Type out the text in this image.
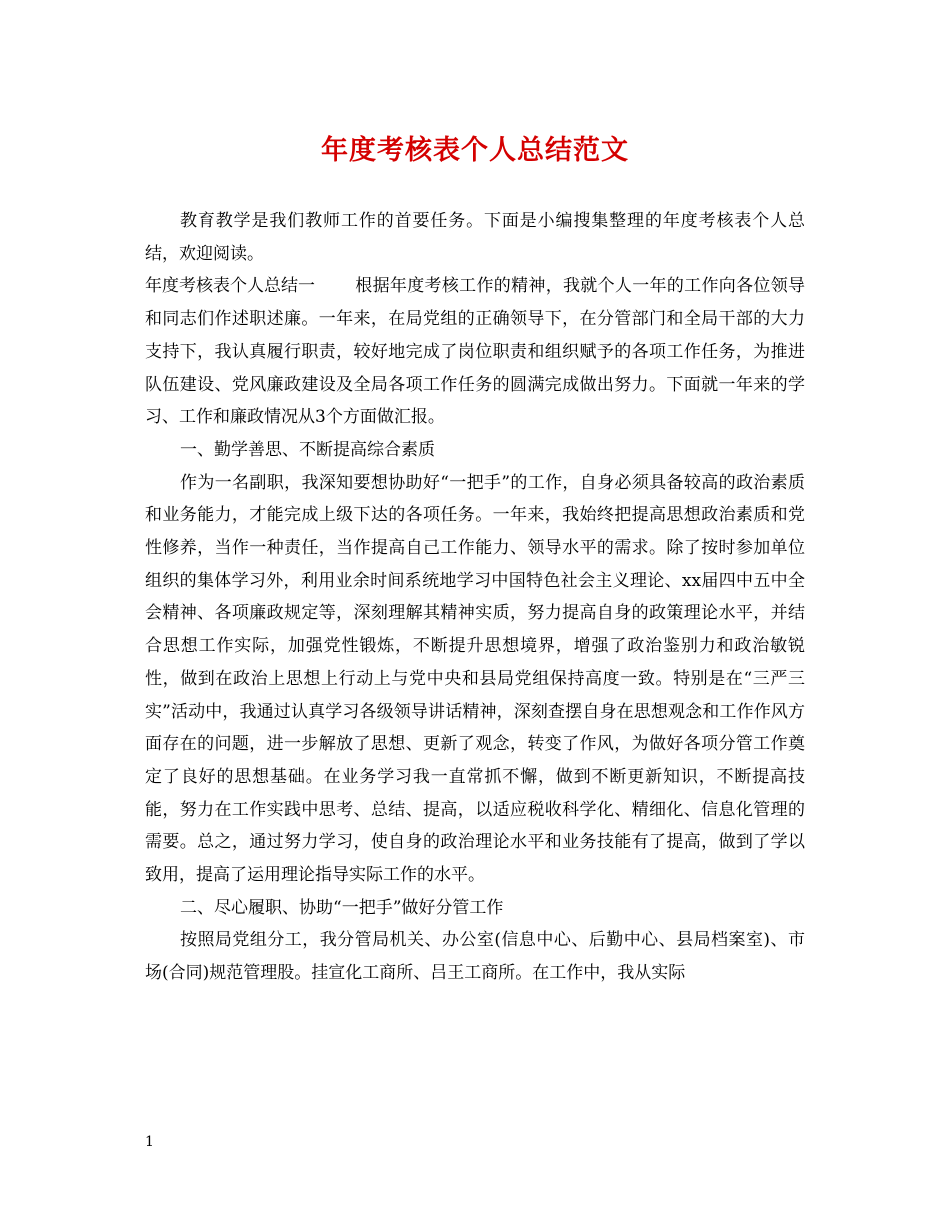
年度考核表个人总结范文

教育教学是我们教师工作的首要任务。下面是小编搜集整理的年度考核表个人总结，欢迎阅读。

年度考核表个人总结一 根据年度考核工作的精神，我就个人一年的工作向各位领导和同志们作述职述廉。一年来，在局党组的正确领导下，在分管部门和全局干部的大力支持下，我认真履行职责，较好地完成了岗位职责和组织赋予的各项工作任务，为推进队伍建设、党风廉政建设及全局各项工作任务的圆满完成做出努力。下面就一年来的学习、工作和廉政情况从3个方面做汇报。

一、勤学善思、不断提高综合素质

作为一名副职，我深知要想协助好“一把手”的工作，自身必须具备较高的政治素质和业务能力，才能完成上级下达的各项任务。一年来，我始终把提高思想政治素质和党性修养，当作一种责任，当作提高自己工作能力、领导水平的需求。除了按时参加单位组织的集体学习外，利用业余时间系统地学习中国特色社会主义理论、xx届四中五中全会精神、各项廉政规定等，深刻理解其精神实质，努力提高自身的政策理论水平，并结合思想工作实际，加强党性锻炼，不断提升思想境界，增强了政治鉴别力和政治敏锐性，做到在政治上思想上行动上与党中央和县局党组保持高度一致。特别是在“三严三实”活动中，我通过认真学习各级领导讲话精神，深刻查摆自身在思想观念和工作作风方面存在的问题，进一步解放了思想、更新了观念，转变了作风，为做好各项分管工作奠定了良好的思想基础。在业务学习我一直常抓不懈，做到不断更新知识，不断提高技能，努力在工作实践中思考、总结、提高，以适应税收科学化、精细化、信息化管理的需要。总之，通过努力学习，使自身的政治理论水平和业务技能有了提高，做到了学以致用，提高了运用理论指导实际工作的水平。

二、尽心履职、协助“一把手”做好分管工作

按照局党组分工，我分管局机关、办公室(信息中心、后勤中心、县局档案室)、市场(合同)规范管理股。挂宣化工商所、吕王工商所。在工作中，我从实际

1
